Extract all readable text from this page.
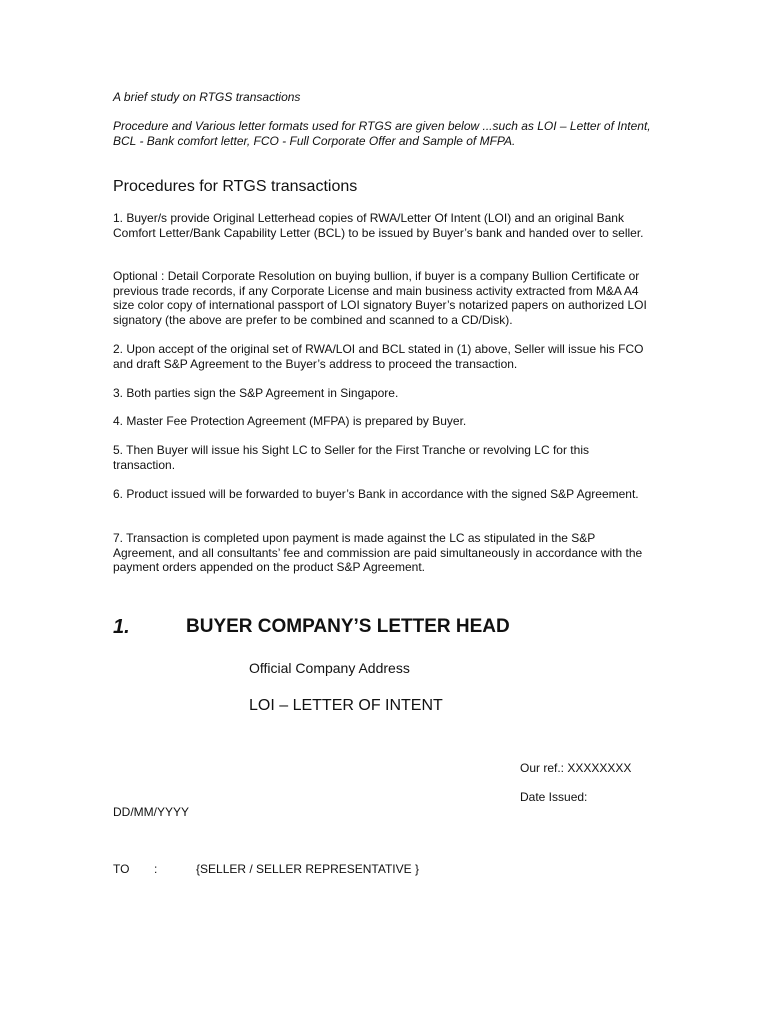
A brief study on RTGS transactions
Procedure and Various letter formats used for RTGS are given below ...such as LOI – Letter of Intent, BCL - Bank comfort letter, FCO - Full Corporate Offer and Sample of MFPA.
Procedures for RTGS transactions

1. Buyer/s provide Original Letterhead copies of RWA/Letter Of Intent (LOI) and an original Bank Comfort Letter/Bank Capability Letter (BCL) to be issued by Buyer’s bank and handed over to seller.

Optional : Detail Corporate Resolution on buying bullion, if buyer is a company Bullion Certificate or previous trade records, if any Corporate License and main business activity extracted from M&A A4 size color copy of international passport of LOI signatory Buyer’s notarized papers on authorized LOI signatory (the above are prefer to be combined and scanned to a CD/Disk).

2. Upon accept of the original set of RWA/LOI and BCL stated in (1) above, Seller will issue his FCO and draft S&P Agreement to the Buyer’s address to proceed the transaction.

3. Both parties sign the S&P Agreement in Singapore.

4. Master Fee Protection Agreement (MFPA) is prepared by Buyer.

5. Then Buyer will issue his Sight LC to Seller for the First Tranche or revolving LC for this transaction.

6. Product issued will be forwarded to buyer’s Bank in accordance with the signed S&P Agreement.

7. Transaction is completed upon payment is made against the LC as stipulated in the S&P Agreement, and all consultants’ fee and commission are paid simultaneously in accordance with the payment orders appended on the product S&P Agreement.

1.	BUYER COMPANY’S LETTER HEAD
Official Company Address
LOI – LETTER OF INTENT
Our ref.: XXXXXXXX
Date Issued:
DD/MM/YYYY
TO :	{SELLER / SELLER REPRESENTATIVE }
